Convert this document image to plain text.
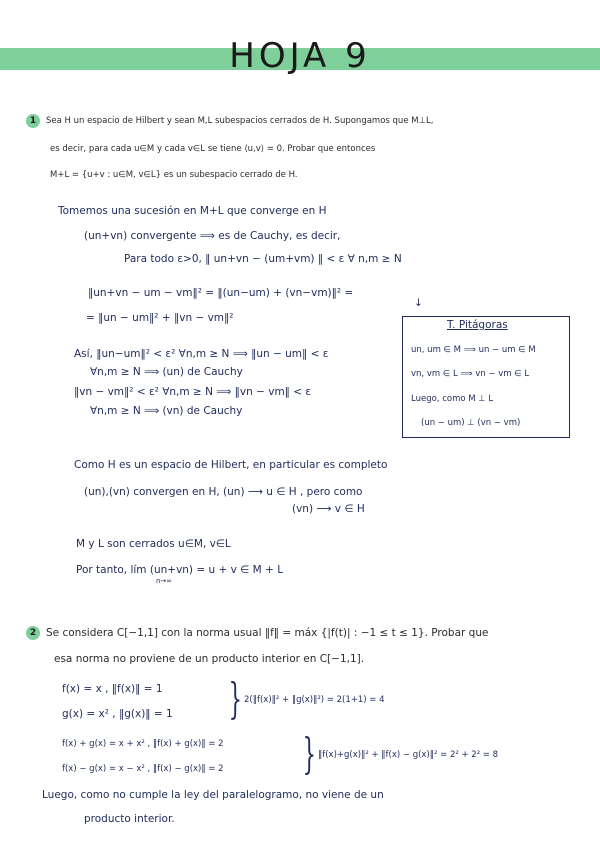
HOJA 9
1	Sea H un espacio de Hilbert y sean M,L subespacios cerrados de H. Supongamos que M⊥L,
es decir, para cada u∈M y cada v∈L se tiene ⟨u,v⟩ = 0. Probar que entonces
M+L = {u+v : u∈M, v∈L} es un subespacio cerrado de H.
Tomemos una sucesión en M+L que converge en H
(un+vn) convergente ⟹ es de Cauchy, es decir,
Para todo ε>0, ‖ un+vn − (um+vm) ‖ < ε ∀ n,m ≥ N
‖un+vn − um − vm‖² = ‖(un−um) + (vn−vm)‖² =
↓
= ‖un − um‖² + ‖vn − vm‖²
Así, ‖un−um‖² < ε² ∀n,m ≥ N ⟹ ‖un − um‖ < ε
∀n,m ≥ N ⟹ (un) de Cauchy
‖vn − vm‖² < ε² ∀n,m ≥ N ⟹ ‖vn − vm‖ < ε
∀n,m ≥ N ⟹ (vn) de Cauchy
T. Pitágoras
un, um ∈ M ⟹ un − um ∈ M
vn, vm ∈ L ⟹ vn − vm ∈ L
Luego, como M ⊥ L
(un − um) ⊥ (vn − vm)
Como H es un espacio de Hilbert, en particular es completo
(un),(vn) convergen en H, (un) ⟶ u ∈ H , pero como
(vn) ⟶ v ∈ H
M y L son cerrados u∈M, v∈L
Por tanto, lím (un+vn) = u + v ∈ M + L
n→∞
2 Se considera C[−1,1] con la norma usual ‖f‖ = máx {|f(t)| : −1 ≤ t ≤ 1}. Probar que
esa norma no proviene de un producto interior en C[−1,1].
f(x) = x , ‖f(x)‖ = 1
g(x) = x² , ‖g(x)‖ = 1 } 2(‖f(x)‖² + ‖g(x)‖²) = 2(1+1) = 4
f(x) + g(x) = x + x² , ‖f(x) + g(x)‖ = 2
f(x) − g(x) = x − x² , ‖f(x) − g(x)‖ = 2 } ‖f(x)+g(x)‖² + ‖f(x) − g(x)‖² = 2² + 2² = 8
Luego, como no cumple la ley del paralelogramo, no viene de un
producto interior.
